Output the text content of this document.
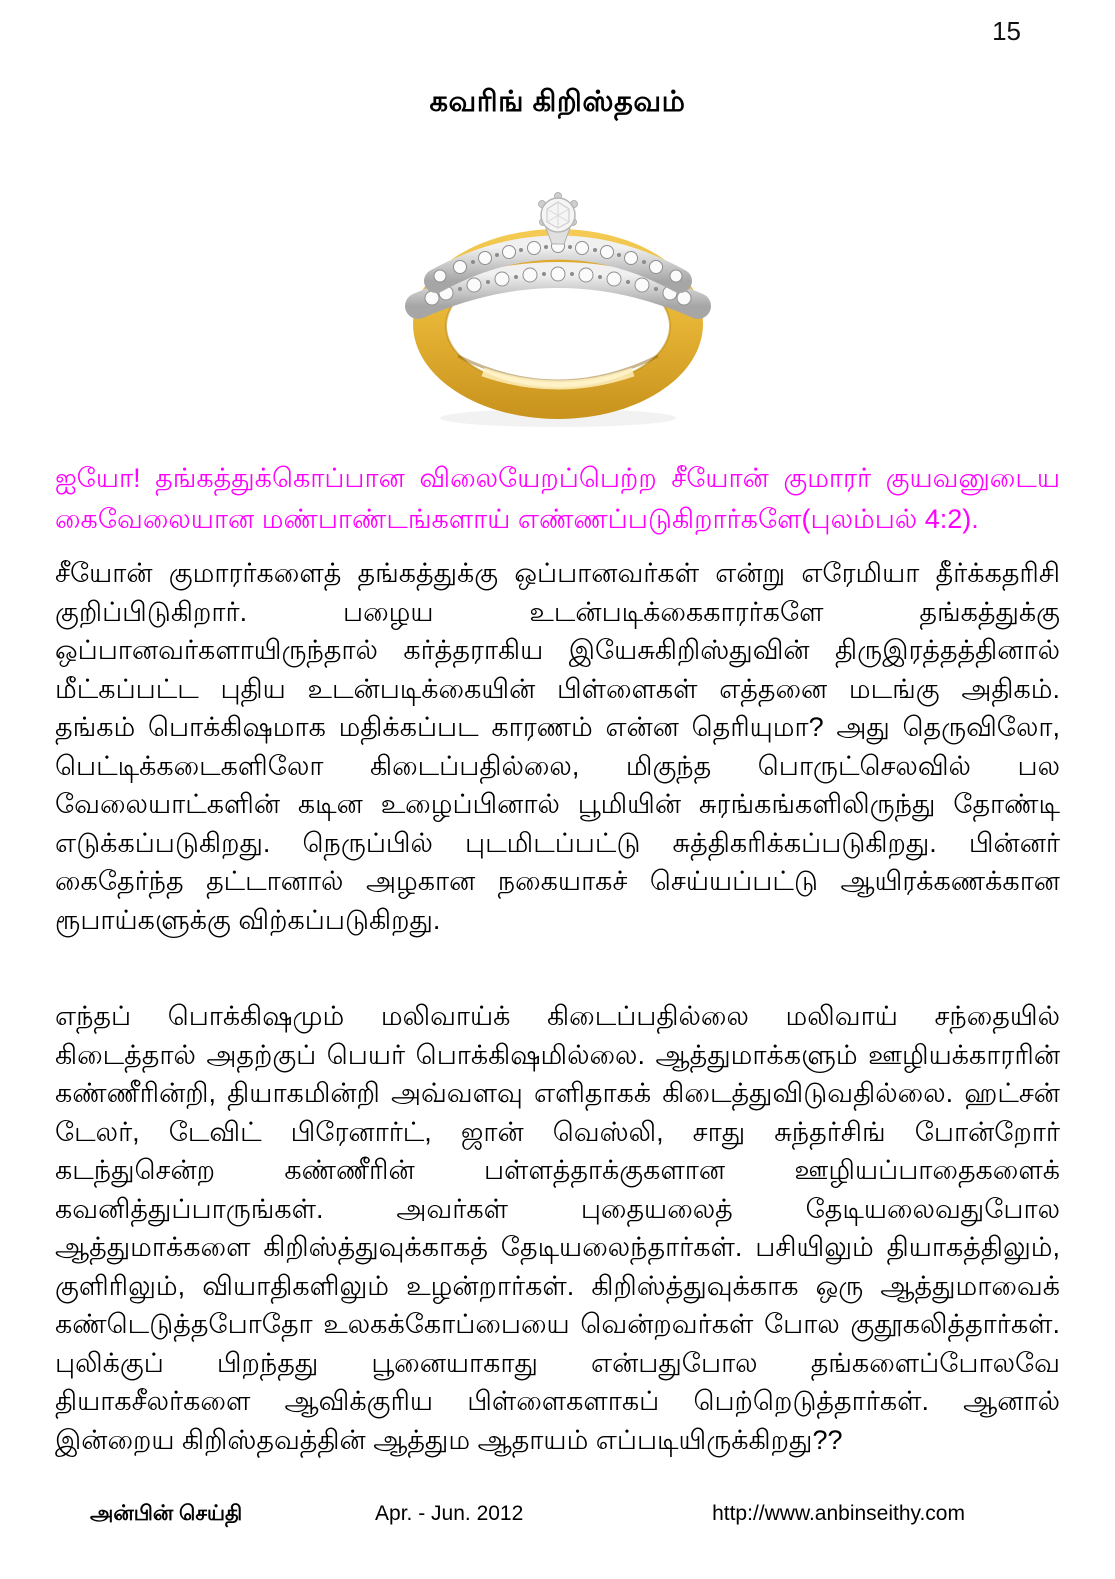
15
கவரிங் கிறிஸ்தவம்

ஐயோ! தங்கத்துக்கொப்பான விலையேறப்பெற்ற சீயோன் குமாரர் குயவனுடைய கைவேலையான மண்பாண்டங்களாய் எண்ணப்படுகிறார்களே(புலம்பல் 4:2).

சீயோன் குமாரர்களைத் தங்கத்துக்கு ஒப்பானவர்கள் என்று எரேமியா தீர்க்கதரிசி குறிப்பிடுகிறார். பழைய உடன்படிக்கைகாரர்களே தங்கத்துக்கு ஒப்பானவர்களாயிருந்தால் கர்த்தராகிய இயேசுகிறிஸ்துவின் திருஇரத்தத்தினால் மீட்கப்பட்ட புதிய உடன்படிக்கையின் பிள்ளைகள் எத்தனை மடங்கு அதிகம். தங்கம் பொக்கிஷமாக மதிக்கப்பட காரணம் என்ன தெரியுமா? அது தெருவிலோ, பெட்டிக்கடைகளிலோ கிடைப்பதில்லை, மிகுந்த பொருட்செலவில் பல வேலையாட்களின் கடின உழைப்பினால் பூமியின் சுரங்கங்களிலிருந்து தோண்டி எடுக்கப்படுகிறது. நெருப்பில் புடமிடப்பட்டு சுத்திகரிக்கப்படுகிறது. பின்னர் கைதேர்ந்த தட்டானால் அழகான நகையாகச் செய்யப்பட்டு ஆயிரக்கணக்கான ரூபாய்களுக்கு விற்கப்படுகிறது.

எந்தப் பொக்கிஷமும் மலிவாய்க் கிடைப்பதில்லை மலிவாய் சந்தையில் கிடைத்தால் அதற்குப் பெயர் பொக்கிஷமில்லை. ஆத்துமாக்களும் ஊழியக்காரரின் கண்ணீரின்றி, தியாகமின்றி அவ்வளவு எளிதாகக் கிடைத்துவிடுவதில்லை. ஹட்சன் டேலர், டேவிட் பிரேனார்ட், ஜான் வெஸ்லி, சாது சுந்தர்சிங் போன்றோர் கடந்துசென்ற கண்ணீரின் பள்ளத்தாக்குகளான ஊழியப்பாதைகளைக் கவனித்துப்பாருங்கள். அவர்கள் புதையலைத் தேடியலைவதுபோல ஆத்துமாக்களை கிறிஸ்த்துவுக்காகத் தேடியலைந்தார்கள். பசியிலும் தியாகத்திலும், குளிரிலும், வியாதிகளிலும் உழன்றார்கள். கிறிஸ்த்துவுக்காக ஒரு ஆத்துமாவைக் கண்டெடுத்தபோதோ உலகக்கோப்பையை வென்றவர்கள் போல குதூகலித்தார்கள். புலிக்குப் பிறந்தது பூனையாகாது என்பதுபோல தங்களைப்போலவே தியாகசீலர்களை ஆவிக்குரிய பிள்ளைகளாகப் பெற்றெடுத்தார்கள். ஆனால் இன்றைய கிறிஸ்தவத்தின் ஆத்தும ஆதாயம் எப்படியிருக்கிறது??

அன்பின் செய்தி	Apr. - Jun. 2012	http://www.anbinseithy.com
